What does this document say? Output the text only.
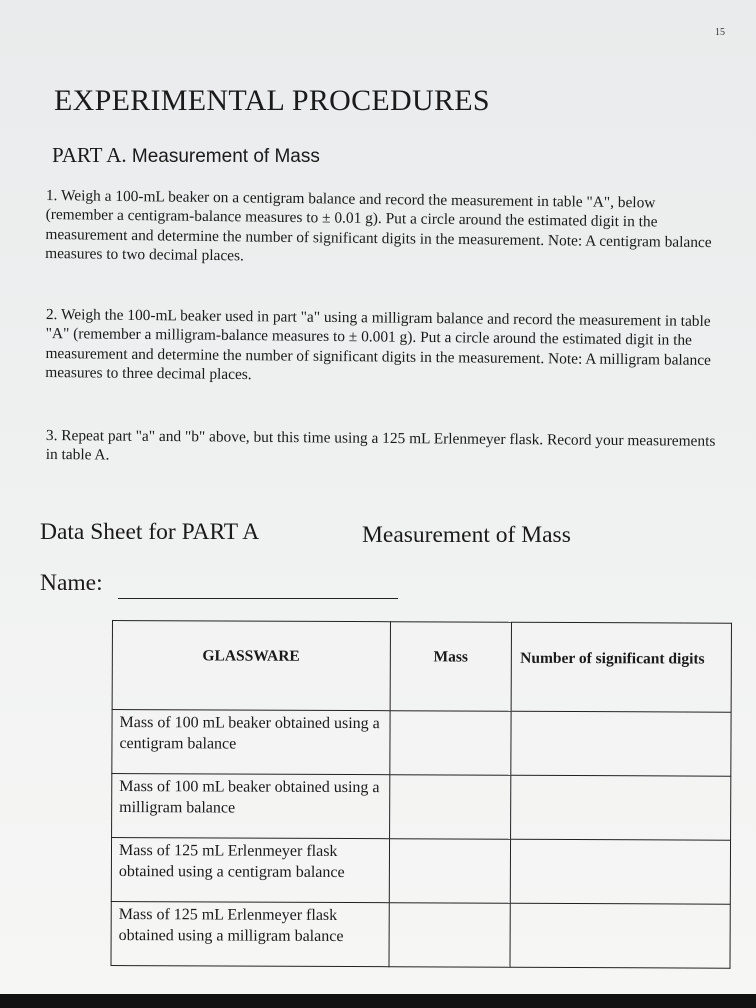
15
EXPERIMENTAL PROCEDURES
PART A. Measurement of Mass

1. Weigh a 100-mL beaker on a centigram balance and record the measurement in table "A", below (remember a centigram-balance measures to ± 0.01 g). Put a circle around the estimated digit in the measurement and determine the number of significant digits in the measurement. Note: A centigram balance measures to two decimal places.

2. Weigh the 100-mL beaker used in part "a" using a milligram balance and record the measurement in table "A" (remember a milligram-balance measures to ± 0.001 g). Put a circle around the estimated digit in the measurement and determine the number of significant digits in the measurement. Note: A milligram balance measures to three decimal places.

3. Repeat part "a" and "b" above, but this time using a 125 mL Erlenmeyer flask. Record your measurements in table A.

Data Sheet for PART A	Measurement of Mass
Name:
GLASSWARE	Mass	Number of significant digits
Mass of 100 mL beaker obtained using a centigram balance		
Mass of 100 mL beaker obtained using a milligram balance		
Mass of 125 mL Erlenmeyer flask obtained using a centigram balance		
Mass of 125 mL Erlenmeyer flask obtained using a milligram balance		
